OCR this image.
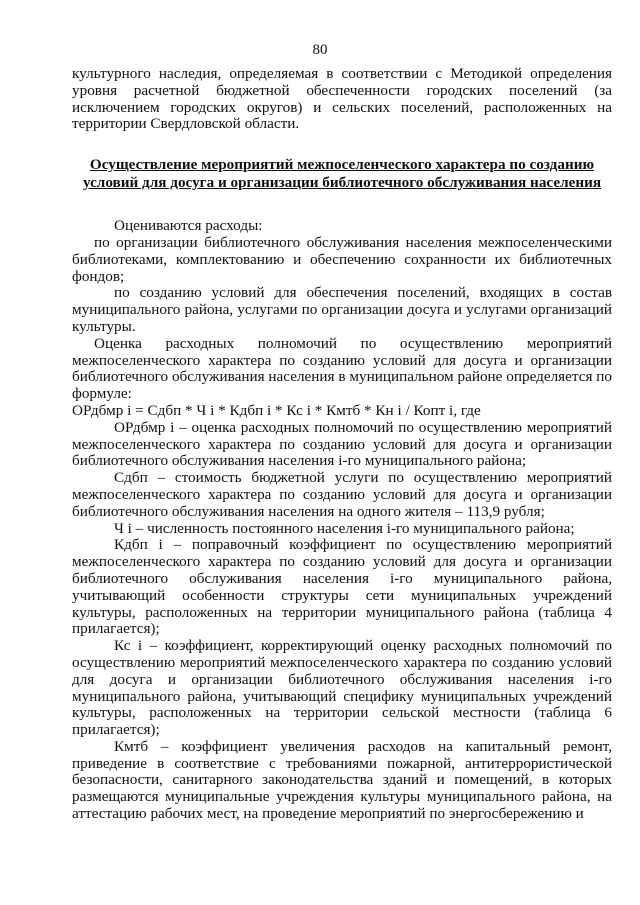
80

культурного наследия, определяемая в соответствии с Методикой определения уровня расчетной бюджетной обеспеченности городских поселений (за исключением городских округов) и сельских поселений, расположенных на территории Свердловской области.

Осуществление мероприятий межпоселенческого характера по созданию
условий для досуга и организации библиотечного обслуживания населения

Оцениваются расходы:

по организации библиотечного обслуживания населения межпоселенческими библиотеками, комплектованию и обеспечению сохранности их библиотечных фондов;

по созданию условий для обеспечения поселений, входящих в состав муниципального района, услугами по организации досуга и услугами организаций культуры.

Оценка расходных полномочий по осуществлению мероприятий межпоселенческого характера по созданию условий для досуга и организации библиотечного обслуживания населения в муниципальном районе определяется по формуле:

ОРдбмр i = Сдбп * Ч i * Кдбп i * Кс i * Кмтб * Кн i / Копт i, где

ОРдбмр i – оценка расходных полномочий по осуществлению мероприятий межпоселенческого характера по созданию условий для досуга и организации библиотечного обслуживания населения i-го муниципального района;

Сдбп – стоимость бюджетной услуги по осуществлению мероприятий межпоселенческого характера по созданию условий для досуга и организации библиотечного обслуживания населения на одного жителя – 113,9 рубля;

Ч i – численность постоянного населения i-го муниципального района;

Кдбп i – поправочный коэффициент по осуществлению мероприятий межпоселенческого характера по созданию условий для досуга и организации библиотечного обслуживания населения i-го муниципального района, учитывающий особенности структуры сети муниципальных учреждений культуры, расположенных на территории муниципального района (таблица 4 прилагается);

Кс i – коэффициент, корректирующий оценку расходных полномочий по осуществлению мероприятий межпоселенческого характера по созданию условий для досуга и организации библиотечного обслуживания населения i-го муниципального района, учитывающий специфику муниципальных учреждений культуры, расположенных на территории сельской местности (таблица 6 прилагается);

Кмтб – коэффициент увеличения расходов на капитальный ремонт, приведение в соответствие с требованиями пожарной, антитеррористической безопасности, санитарного законодательства зданий и помещений, в которых размещаются муниципальные учреждения культуры муниципального района, на аттестацию рабочих мест, на проведение мероприятий по энергосбережению и
